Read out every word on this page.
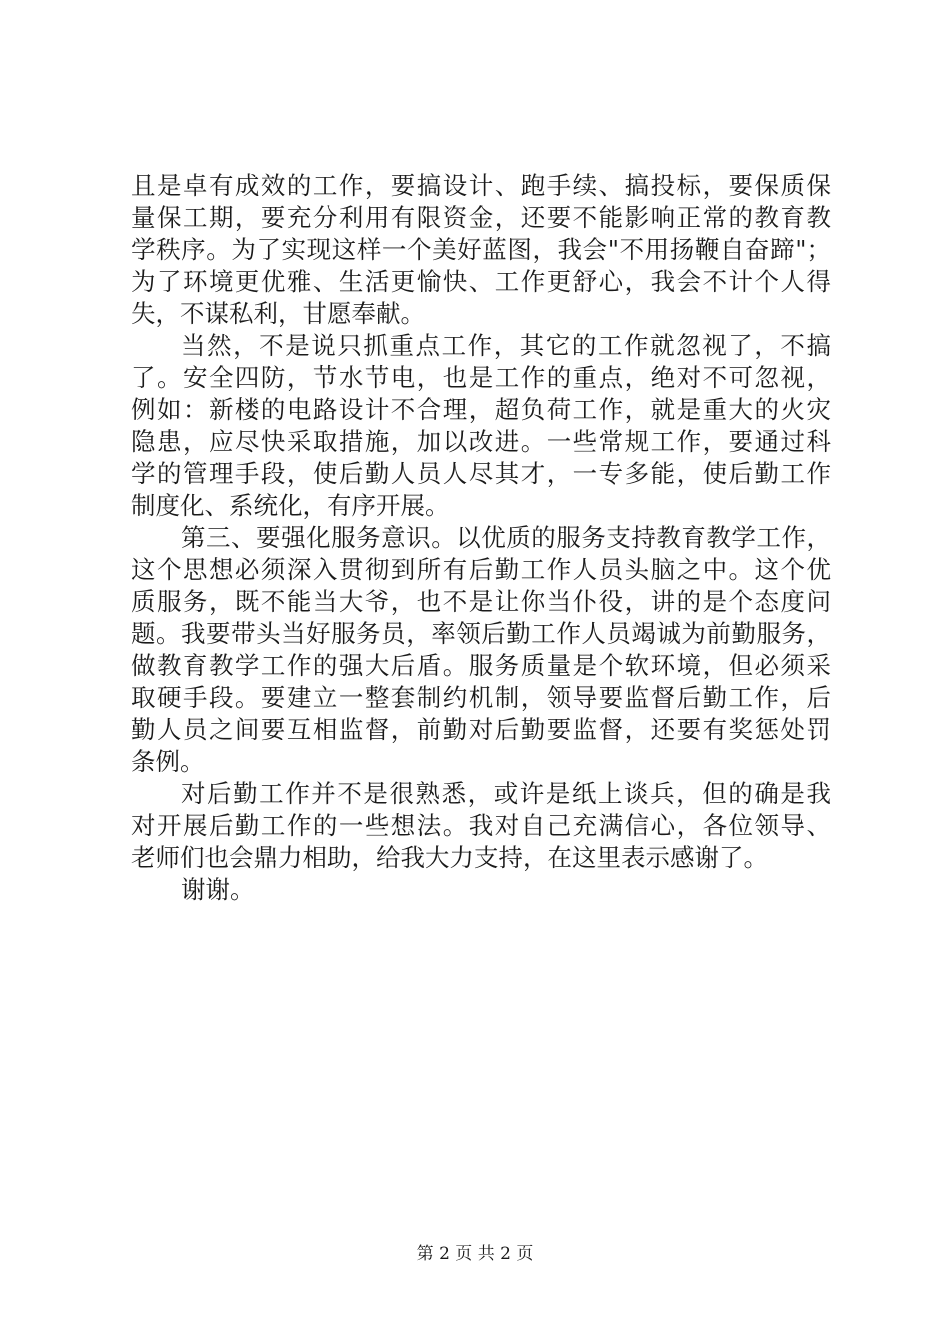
且是卓有成效的工作，要搞设计、跑手续、搞投标，要保质保
量保工期，要充分利用有限资金，还要不能影响正常的教育教
学秩序。为了实现这样一个美好蓝图，我会"不用扬鞭自奋蹄"；
为了环境更优雅、生活更愉快、工作更舒心，我会不计个人得
失，不谋私利，甘愿奉献。
当然，不是说只抓重点工作，其它的工作就忽视了，不搞
了。安全四防，节水节电，也是工作的重点，绝对不可忽视，
例如：新楼的电路设计不合理，超负荷工作，就是重大的火灾
隐患，应尽快采取措施，加以改进。一些常规工作，要通过科
学的管理手段，使后勤人员人尽其才，一专多能，使后勤工作
制度化、系统化，有序开展。
第三、要强化服务意识。以优质的服务支持教育教学工作，
这个思想必须深入贯彻到所有后勤工作人员头脑之中。这个优
质服务，既不能当大爷，也不是让你当仆役，讲的是个态度问
题。我要带头当好服务员，率领后勤工作人员竭诚为前勤服务，
做教育教学工作的强大后盾。服务质量是个软环境，但必须采
取硬手段。要建立一整套制约机制，领导要监督后勤工作，后
勤人员之间要互相监督，前勤对后勤要监督，还要有奖惩处罚
条例。
对后勤工作并不是很熟悉，或许是纸上谈兵，但的确是我
对开展后勤工作的一些想法。我对自己充满信心，各位领导、
老师们也会鼎力相助，给我大力支持，在这里表示感谢了。
谢谢。
第 2 页 共 2 页
